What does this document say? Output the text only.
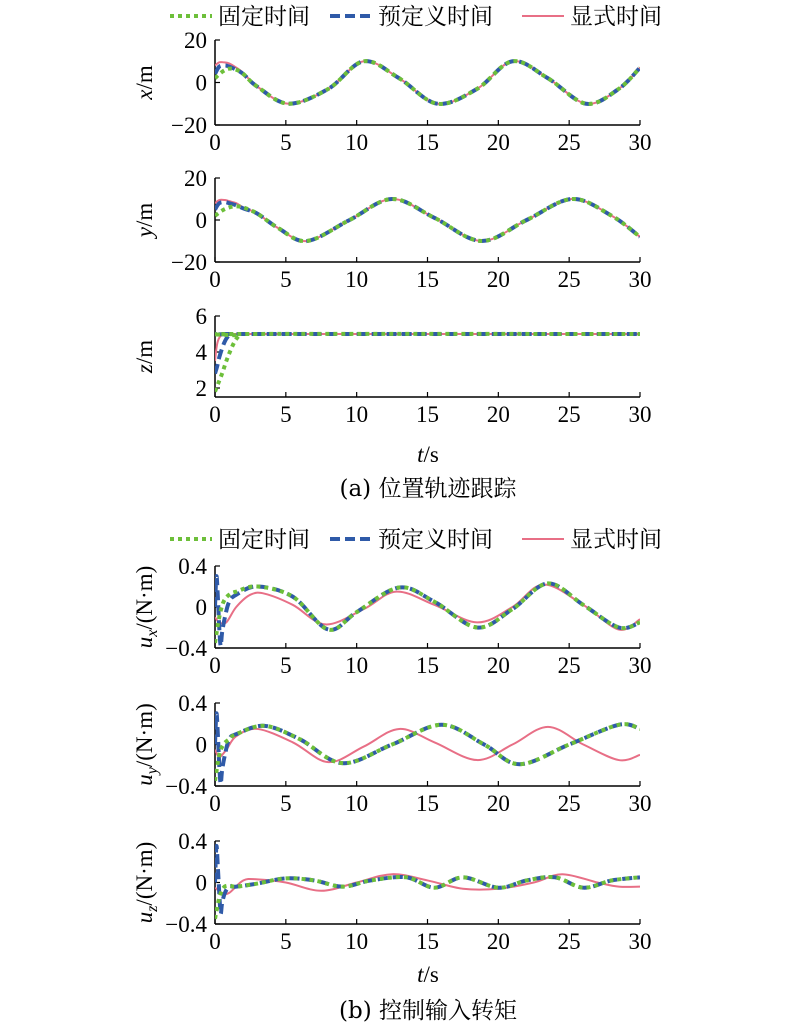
固定时间	预定义时间	显式时间
20
0
−20
0	5 10 15 20 25 30
x/m
20
0
−20
0	5 10 15 20 25 30
y/m
6
4
2
0	5 10 15 20 25 30
z/m
t/s
(a) 位置轨迹跟踪
固定时间	预定义时间	显式时间
0.4
0
−0.4
0	5 10 15 20 25 30
$u_x/(N\cdot m)$
0.4
0
−0.4
0	5 10 15 20 25 30
$u_y/(N\cdot m)$
0.4
0
−0.4
0	5 10 15 20 25 30
$u_z/(N\cdot m)$
t/s
(b) 控制输入转矩
